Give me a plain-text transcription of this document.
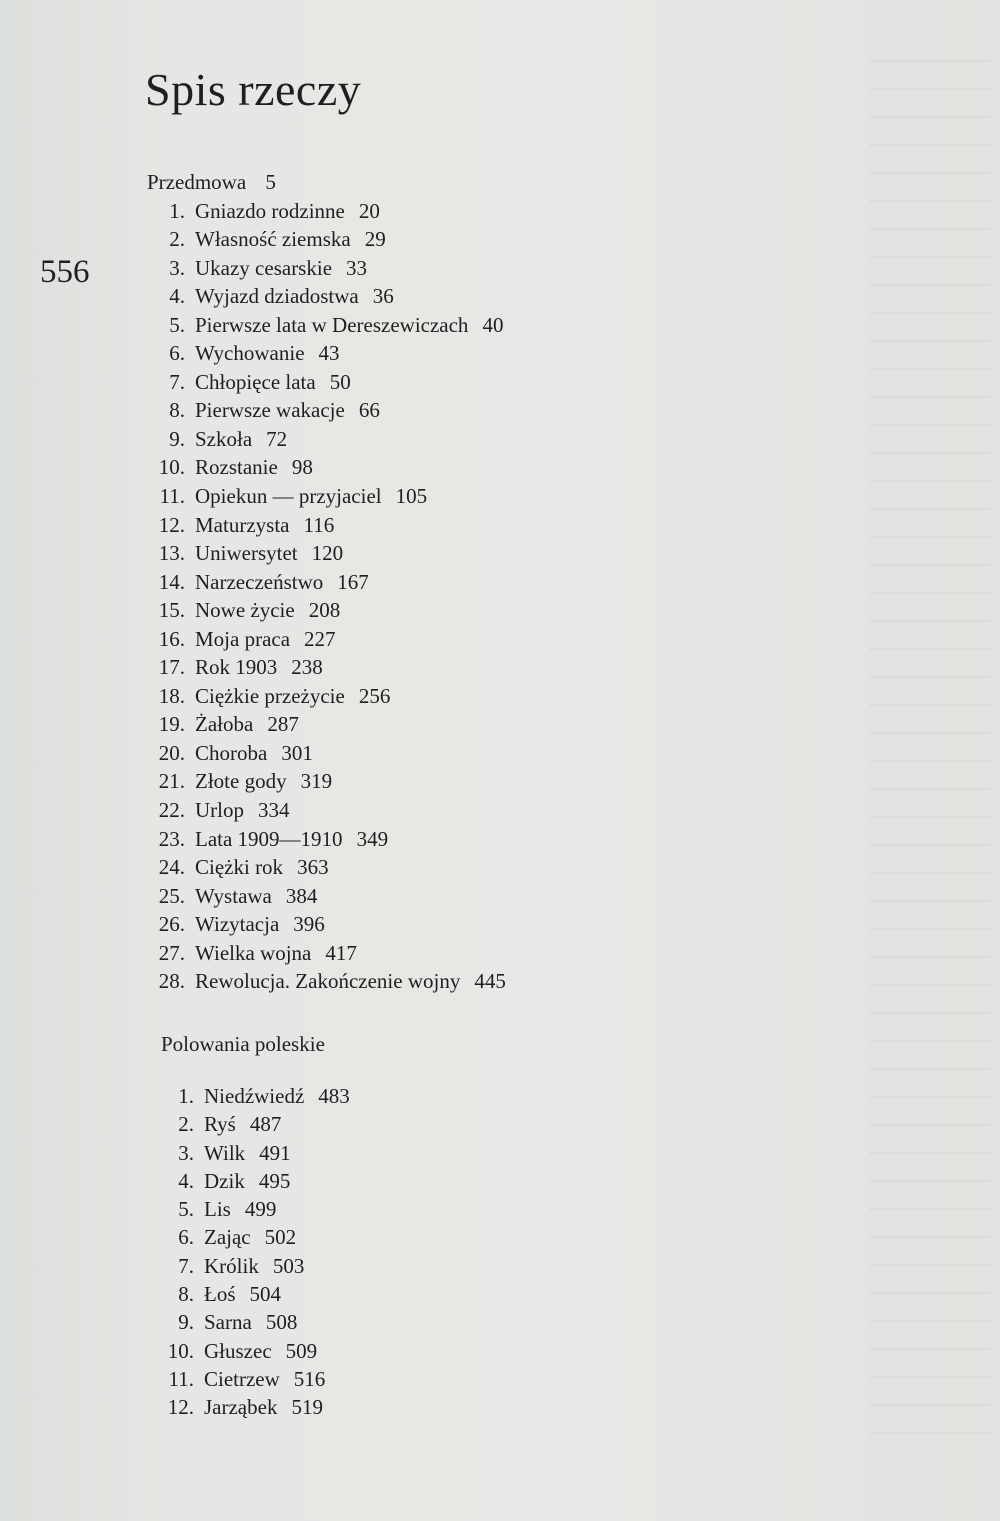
Spis rzeczy
556
Przedmowa 5
1. Gniazdo rodzinne 20
2. Własność ziemska 29
3. Ukazy cesarskie 33
4. Wyjazd dziadostwa 36
5. Pierwsze lata w Dereszewiczach 40
6. Wychowanie 43
7. Chłopięce lata 50
8. Pierwsze wakacje 66
9. Szkoła 72
10. Rozstanie 98
11. Opiekun — przyjaciel 105
12. Maturzysta 116
13. Uniwersytet 120
14. Narzeczeństwo 167
15. Nowe życie 208
16. Moja praca 227
17. Rok 1903 238
18. Ciężkie przeżycie 256
19. Żałoba 287
20. Choroba 301
21. Złote gody 319
22. Urlop 334
23. Lata 1909—1910 349
24. Ciężki rok 363
25. Wystawa 384
26. Wizytacja 396
27. Wielka wojna 417
28. Rewolucja. Zakończenie wojny 445
Polowania poleskie
1. Niedźwiedź 483
2. Ryś 487
3. Wilk 491
4. Dzik 495
5. Lis 499
6. Zając 502
7. Królik 503
8. Łoś 504
9. Sarna 508
10. Głuszec 509
11. Cietrzew 516
12. Jarząbek 519
